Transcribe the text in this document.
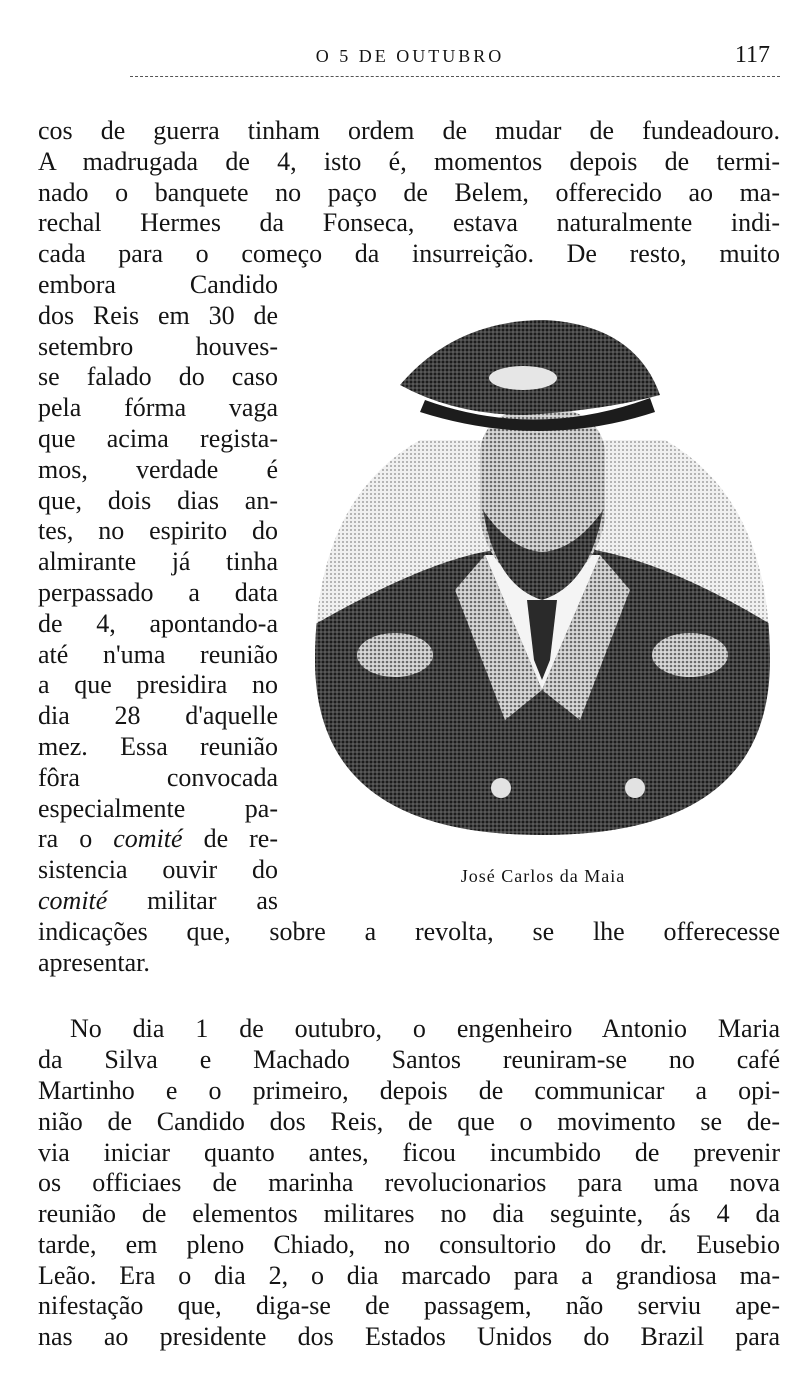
O 5 DE OUTUBRO	117
cos de guerra tinham ordem de mudar de fundeadouro.
A madrugada de 4, isto é, momentos depois de termi-
nado o banquete no paço de Belem, offerecido ao ma-
rechal Hermes da Fonseca, estava naturalmente indi-
cada para o começo da insurreição. De resto, muito
embora Candido
dos Reis em 30 de
setembro houves-
se falado do caso
pela fórma vaga
que acima regista-
mos, verdade é
que, dois dias an-
tes, no espirito do
almirante já tinha
perpassado a data
de 4, apontando-a
até n'uma reunião
a que presidira no
dia 28 d'aquelle
mez. Essa reunião
fôra convocada
especialmente pa-
ra o comité de re-
sistencia ouvir do
comité militar as
indicações que, sobre a revolta, se lhe offerecesse
apresentar.
No dia 1 de outubro, o engenheiro Antonio Maria
da Silva e Machado Santos reuniram-se no café
Martinho e o primeiro, depois de communicar a opi-
nião de Candido dos Reis, de que o movimento se de-
via iniciar quanto antes, ficou incumbido de prevenir
os officiaes de marinha revolucionarios para uma nova
reunião de elementos militares no dia seguinte, ás 4 da
tarde, em pleno Chiado, no consultorio do dr. Eusebio
Leão. Era o dia 2, o dia marcado para a grandiosa ma-
nifestação que, diga-se de passagem, não serviu ape-
nas ao presidente dos Estados Unidos do Brazil para
José Carlos da Maia
